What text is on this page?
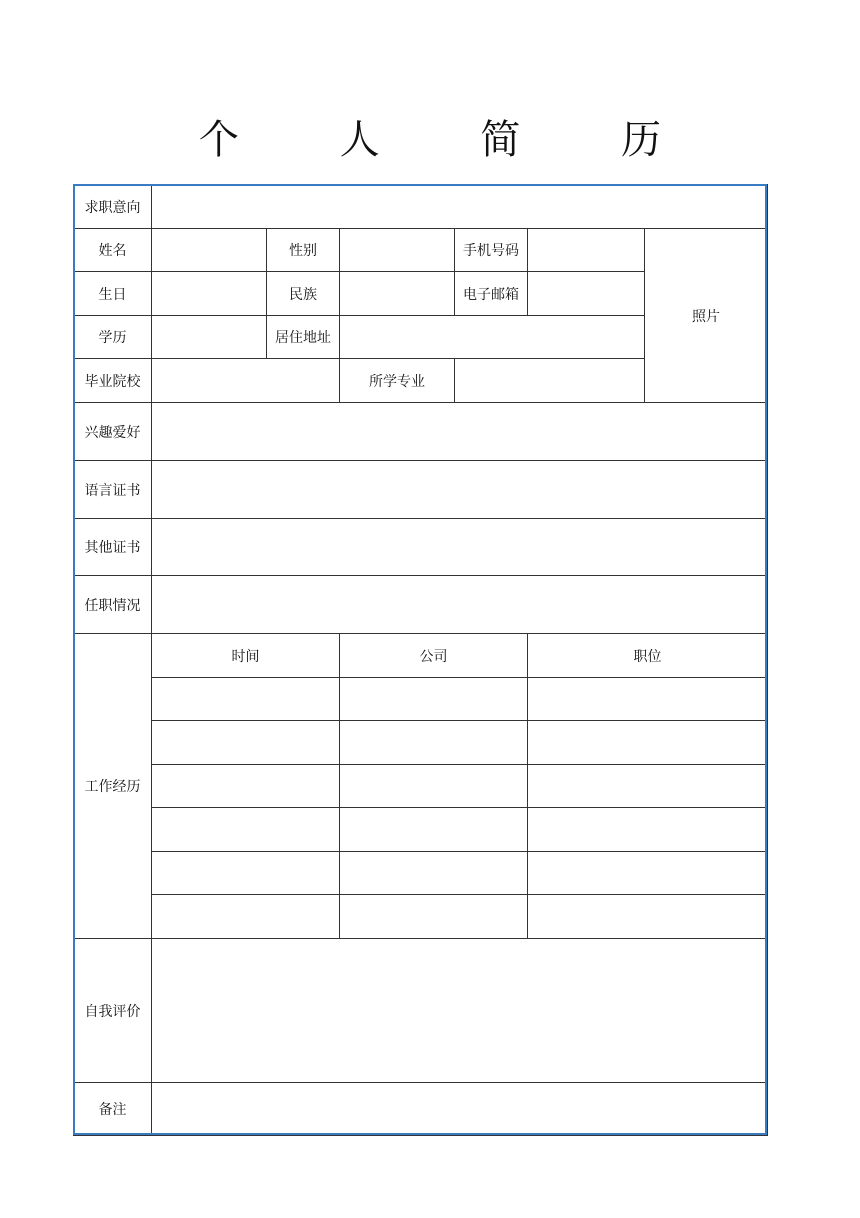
个 人 简 历
求职意向						
姓名		性别		手机号码		照片
生日		民族		电子邮箱		
学历		居住地址				
毕业院校			所学专业			
兴趣爱好						
语言证书						
其他证书						
任职情况						
工作经历	时间		公司		职位	

自我评价						
备注						
